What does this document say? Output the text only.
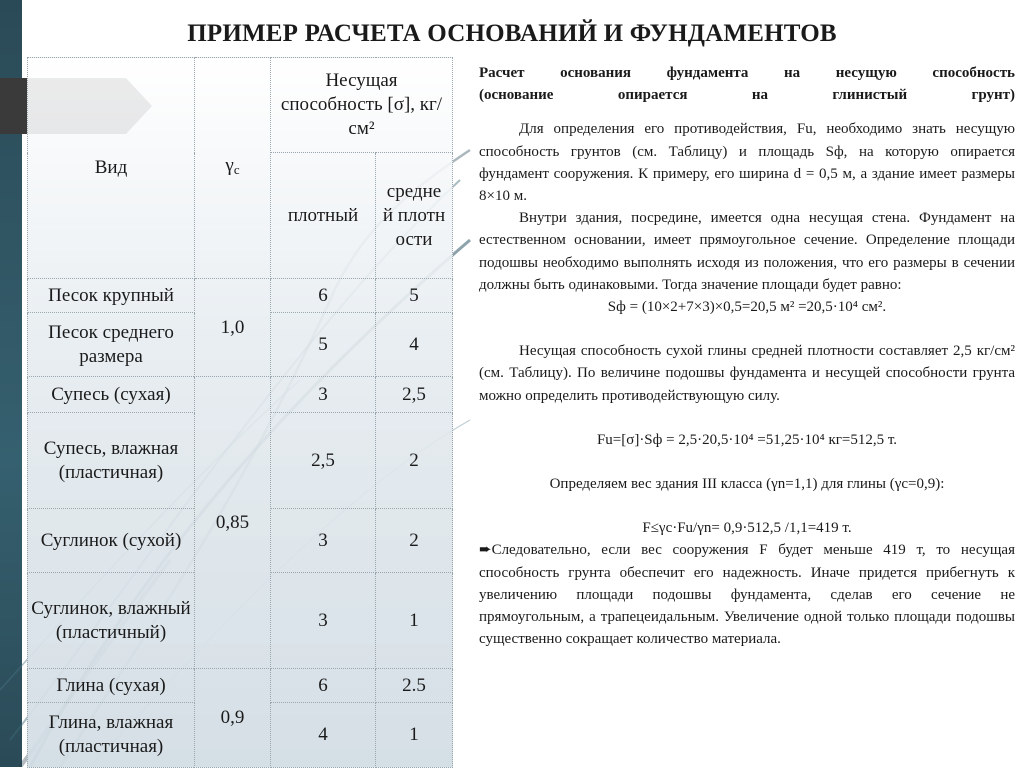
ПРИМЕР РАСЧЕТА ОСНОВАНИЙ И ФУНДАМЕНТОВ
Вид	γс	Несущая способность [σ], кг/см²	
		плотный	средней плотности
Песок крупный	1,0	6	5
Песок среднего размера		5	4
Супесь (сухая)	0,85	3	2,5
Супесь, влажная (пластичная)		2,5	2
Суглинок (сухой)		3	2
Суглинок, влажный (пластичный)		3	1
Глина (сухая)	0,9	6	2.5
Глина, влажная (пластичная)		4	1

Расчет основания фундамента на несущую способность

(основание опирается на глинистый грунт)

Для определения его противодействия, Fu, необходимо знать несущую способность грунтов (см. Таблицу) и площадь Sф, на которую опирается фундамент сооружения. К примеру, его ширина d = 0,5 м, а здание имеет размеры 8×10 м.

Внутри здания, посредине, имеется одна несущая стена. Фундамент на естественном основании, имеет прямоугольное сечение. Определение площади подошвы необходимо выполнять исходя из положения, что его размеры в сечении должны быть одинаковыми. Тогда значение площади будет равно:

Sф = (10×2+7×3)×0,5=20,5 м² =20,5·10⁴ см².

Несущая способность сухой глины средней плотности составляет 2,5 кг/см² (см. Таблицу). По величине подошвы фундамента и несущей способности грунта можно определить противодействующую силу.

Fu=[σ]·Sф = 2,5·20,5·10⁴ =51,25·10⁴ кг=512,5 т.

Определяем вес здания III класса (γn=1,1) для глины (γc=0,9):

F≤γc·Fu/γn= 0,9·512,5 /1,1=419 т.

➨Следовательно, если вес сооружения F будет меньше 419 т, то несущая способность грунта обеспечит его надежность. Иначе придется прибегнуть к увеличению площади подошвы фундамента, сделав его сечение не прямоугольным, а трапецеидальным. Увеличение одной только площади подошвы существенно сокращает количество материала.
